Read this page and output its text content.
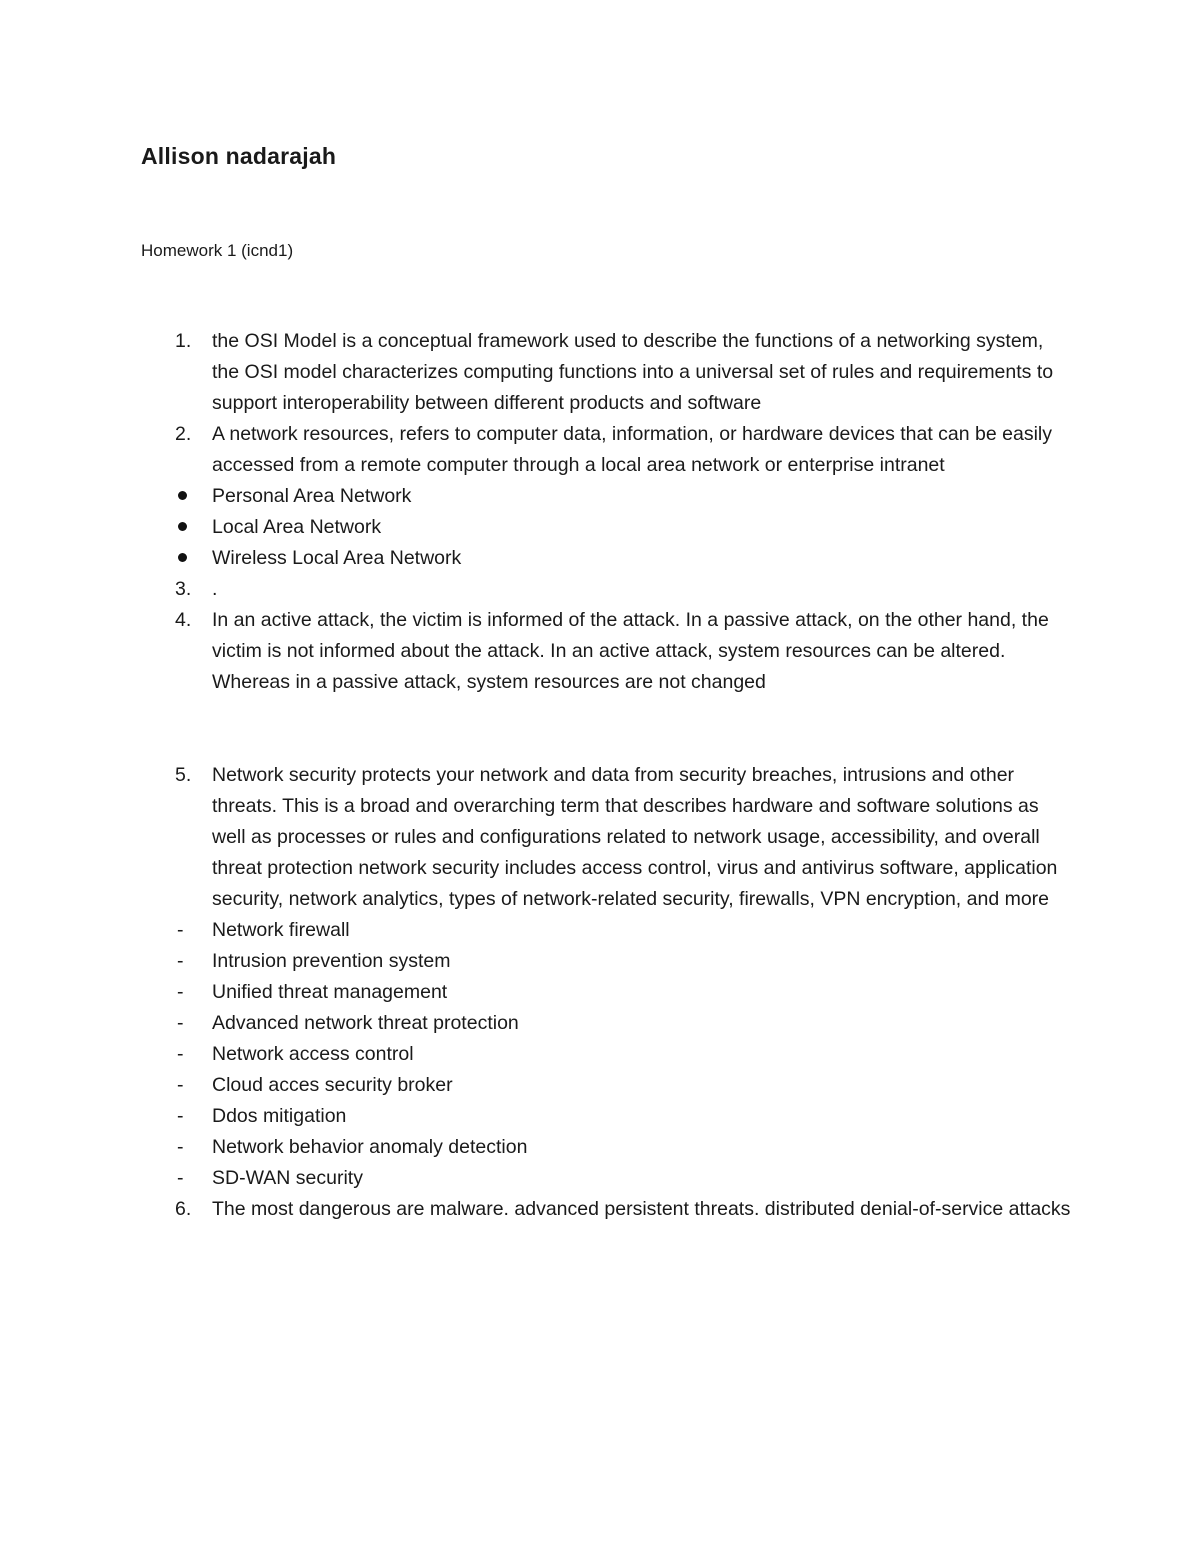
Allison nadarajah

Homework 1 (icnd1)

1.	the OSI Model is a conceptual framework used to describe the functions of a networking system, the OSI model characterizes computing functions into a universal set of rules and requirements to support interoperability between different products and software
2.	A network resources, refers to computer data, information, or hardware devices that can be easily accessed from a remote computer through a local area network or enterprise intranet
Personal Area Network
Local Area Network
Wireless Local Area Network
3.	.
4.	In an active attack, the victim is informed of the attack. In a passive attack, on the other hand, the victim is not informed about the attack. In an active attack, system resources can be altered. Whereas in a passive attack, system resources are not changed
5.	Network security protects your network and data from security breaches, intrusions and other threats. This is a broad and overarching term that describes hardware and software solutions as well as processes or rules and configurations related to network usage, accessibility, and overall threat protection network security includes access control, virus and antivirus software, application security, network analytics, types of network-related security, firewalls, VPN encryption, and more
-	Network firewall
-	Intrusion prevention system
-	Unified threat management
-	Advanced network threat protection
-	Network access control
-	Cloud acces security broker
-	Ddos mitigation
-	Network behavior anomaly detection
-	SD-WAN security
6.	The most dangerous are malware. advanced persistent threats. distributed denial-of-service attacks
